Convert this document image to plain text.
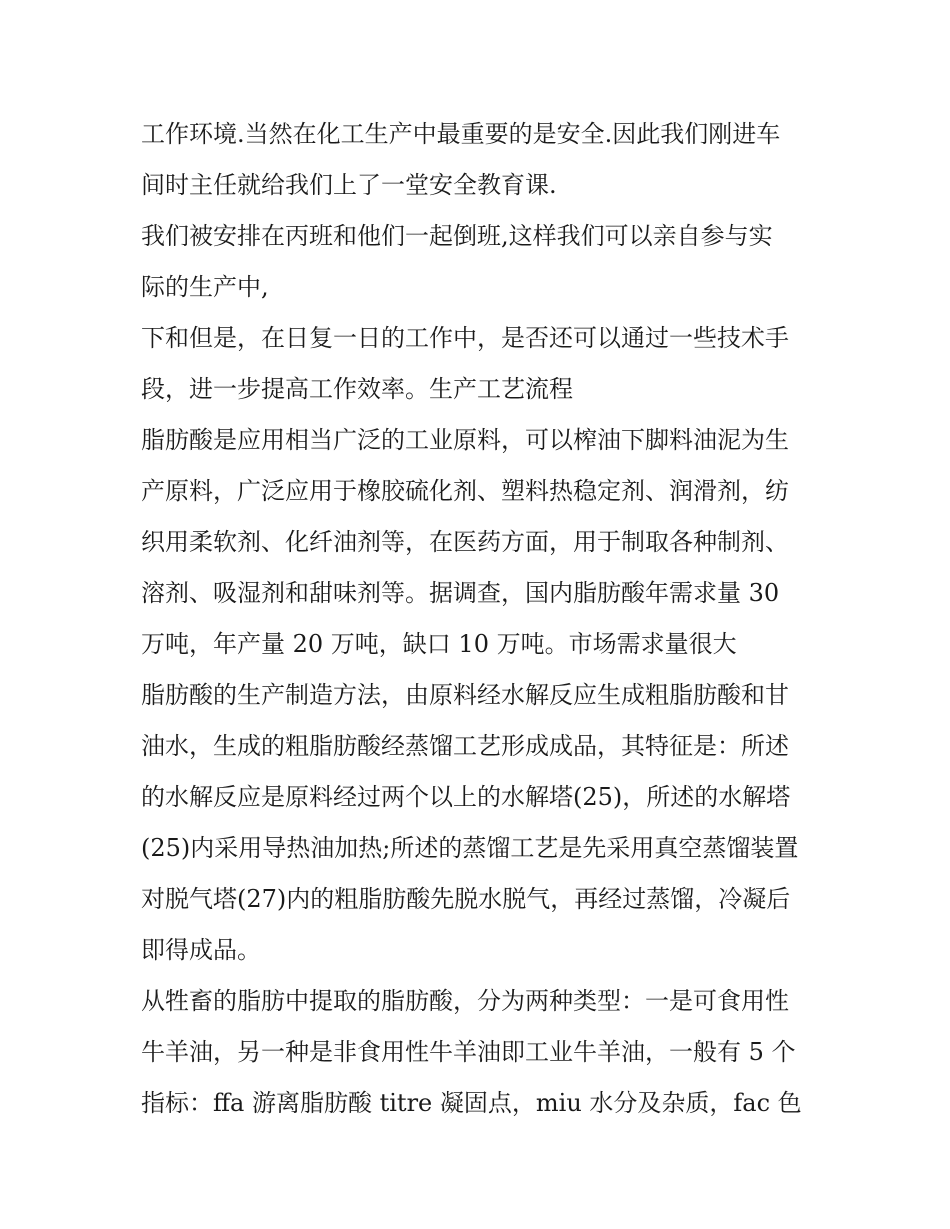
工作环境.当然在化工生产中最重要的是安全.因此我们刚进车
间时主任就给我们上了一堂安全教育课.
我们被安排在丙班和他们一起倒班,这样我们可以亲自参与实
际的生产中,
下和但是，在日复一日的工作中，是否还可以通过一些技术手
段，进一步提高工作效率。生产工艺流程
脂肪酸是应用相当广泛的工业原料，可以榨油下脚料油泥为生
产原料，广泛应用于橡胶硫化剂、塑料热稳定剂、润滑剂，纺
织用柔软剂、化纤油剂等，在医药方面，用于制取各种制剂、
溶剂、吸湿剂和甜味剂等。据调查，国内脂肪酸年需求量 30
万吨，年产量 20 万吨，缺口 10 万吨。市场需求量很大
脂肪酸的生产制造方法，由原料经水解反应生成粗脂肪酸和甘
油水，生成的粗脂肪酸经蒸馏工艺形成成品，其特征是：所述
的水解反应是原料经过两个以上的水解塔(25)，所述的水解塔
(25)内采用导热油加热;所述的蒸馏工艺是先采用真空蒸馏装置
对脱气塔(27)内的粗脂肪酸先脱水脱气，再经过蒸馏，冷凝后
即得成品。
从牲畜的脂肪中提取的脂肪酸，分为两种类型：一是可食用性
牛羊油，另一种是非食用性牛羊油即工业牛羊油，一般有 5 个
指标：ffa 游离脂肪酸 titre 凝固点，miu 水分及杂质，fac 色
